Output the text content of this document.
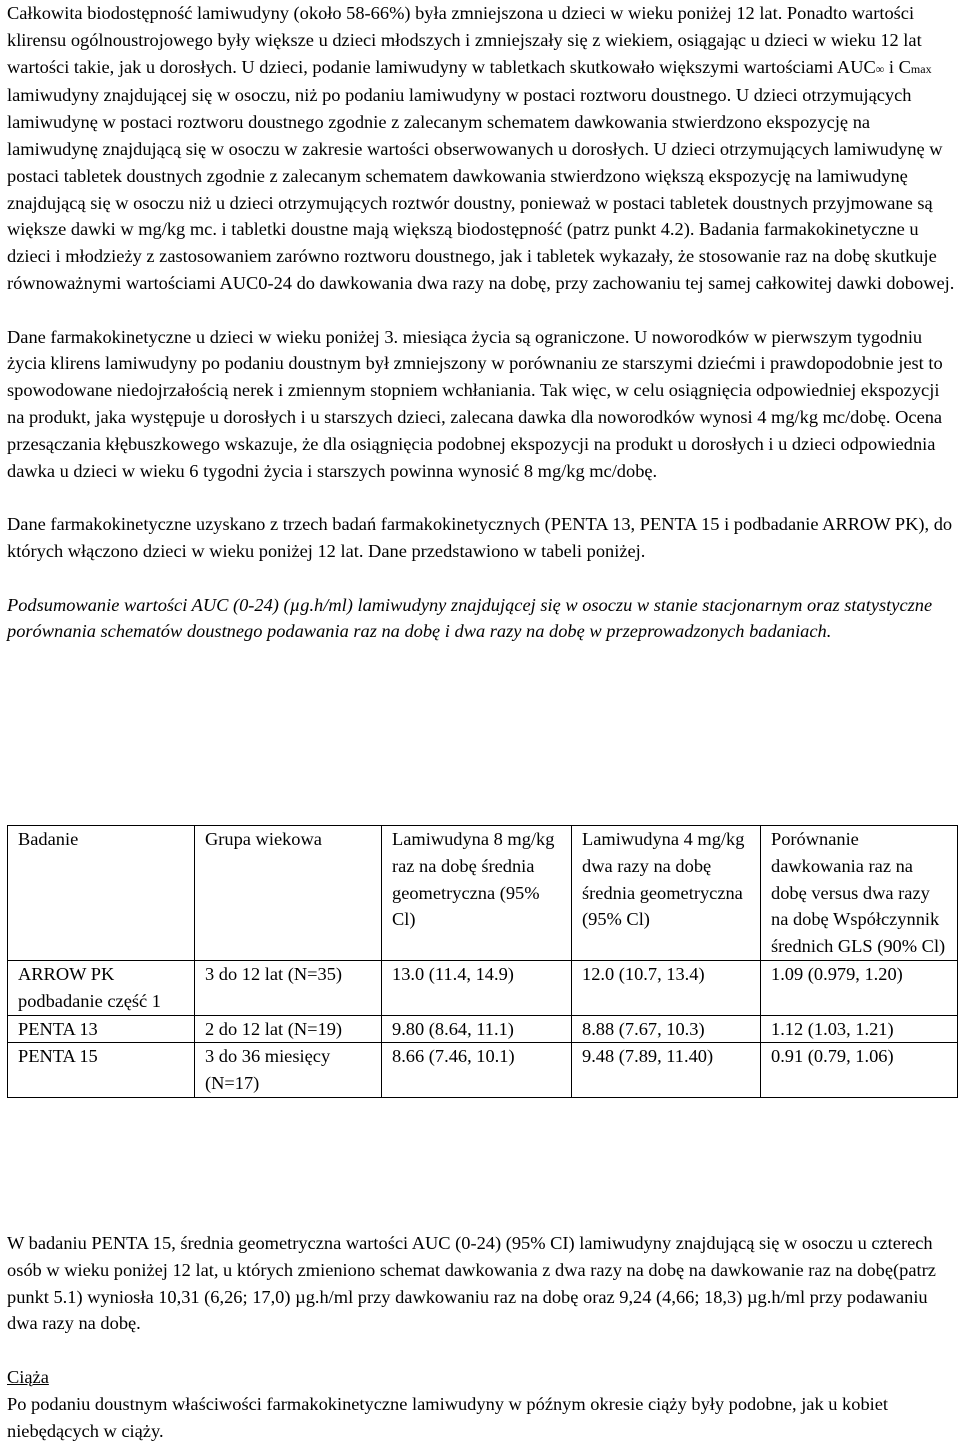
Całkowita biodostępność lamiwudyny (około 58-66%) była zmniejszona u dzieci w wieku poniżej 12 lat. Ponadto wartości klirensu ogólnoustrojowego były większe u dzieci młodszych i zmniejszały się z wiekiem, osiągając u dzieci w wieku 12 lat wartości takie, jak u dorosłych. U dzieci, podanie lamiwudyny w tabletkach skutkowało większymi wartościami AUC∞ i Cmax lamiwudyny znajdującej się w osoczu, niż po podaniu lamiwudyny w postaci roztworu doustnego. U dzieci otrzymujących lamiwudynę w postaci roztworu doustnego zgodnie z zalecanym schematem dawkowania stwierdzono ekspozycję na lamiwudynę znajdującą się w osoczu w zakresie wartości obserwowanych u dorosłych. U dzieci otrzymujących lamiwudynę w postaci tabletek doustnych zgodnie z zalecanym schematem dawkowania stwierdzono większą ekspozycję na lamiwudynę znajdującą się w osoczu niż u dzieci otrzymujących roztwór doustny, ponieważ w postaci tabletek doustnych przyjmowane są większe dawki w mg/kg mc. i tabletki doustne mają większą biodostępność (patrz punkt 4.2). Badania farmakokinetyczne u dzieci i młodzieży z zastosowaniem zarówno roztworu doustnego, jak i tabletek wykazały, że stosowanie raz na dobę skutkuje równoważnymi wartościami AUC0-24 do dawkowania dwa razy na dobę, przy zachowaniu tej samej całkowitej dawki dobowej.

Dane farmakokinetyczne u dzieci w wieku poniżej 3. miesiąca życia są ograniczone. U noworodków w pierwszym tygodniu życia klirens lamiwudyny po podaniu doustnym był zmniejszony w porównaniu ze starszymi dziećmi i prawdopodobnie jest to spowodowane niedojrzałością nerek i zmiennym stopniem wchłaniania. Tak więc, w celu osiągnięcia odpowiedniej ekspozycji na produkt, jaka występuje u dorosłych i u starszych dzieci, zalecana dawka dla noworodków wynosi 4 mg/kg mc/dobę. Ocena przesączania kłębuszkowego wskazuje, że dla osiągnięcia podobnej ekspozycji na produkt u dorosłych i u dzieci odpowiednia dawka u dzieci w wieku 6 tygodni życia i starszych powinna wynosić 8 mg/kg mc/dobę.

Dane farmakokinetyczne uzyskano z trzech badań farmakokinetycznych (PENTA 13, PENTA 15 i podbadanie ARROW PK), do których włączono dzieci w wieku poniżej 12 lat. Dane przedstawiono w tabeli poniżej.

Podsumowanie wartości AUC (0-24) (µg.h/ml) lamiwudyny znajdującej się w osoczu w stanie stacjonarnym oraz statystyczne porównania schematów doustnego podawania raz na dobę i dwa razy na dobę w przeprowadzonych badaniach.

Badanie	Grupa wiekowa	Lamiwudyna 8 mg/kg raz na dobę średnia geometryczna (95% Cl)	Lamiwudyna 4 mg/kg dwa razy na dobę średnia geometryczna (95% Cl)	Porównanie dawkowania raz na dobę versus dwa razy na dobę Współczynnik średnich GLS (90% Cl)
ARROW PK podbadanie część 1	3 do 12 lat (N=35)	13.0 (11.4, 14.9)	12.0 (10.7, 13.4)	1.09 (0.979, 1.20)
PENTA 13	2 do 12 lat (N=19)	9.80 (8.64, 11.1)	8.88 (7.67, 10.3)	1.12 (1.03, 1.21)
PENTA 15	3 do 36 miesięcy (N=17)	8.66 (7.46, 10.1)	9.48 (7.89, 11.40)	0.91 (0.79, 1.06)

W badaniu PENTA 15, średnia geometryczna wartości AUC (0-24) (95% CI) lamiwudyny znajdującą się w osoczu u czterech osób w wieku poniżej 12 lat, u których zmieniono schemat dawkowania z dwa razy na dobę na dawkowanie raz na dobę(patrz punkt 5.1) wyniosła 10,31 (6,26; 17,0) µg.h/ml przy dawkowaniu raz na dobę oraz 9,24 (4,66; 18,3) µg.h/ml przy podawaniu dwa razy na dobę.

Ciąża

Po podaniu doustnym właściwości farmakokinetyczne lamiwudyny w późnym okresie ciąży były podobne, jak u kobiet niebędących w ciąży.
